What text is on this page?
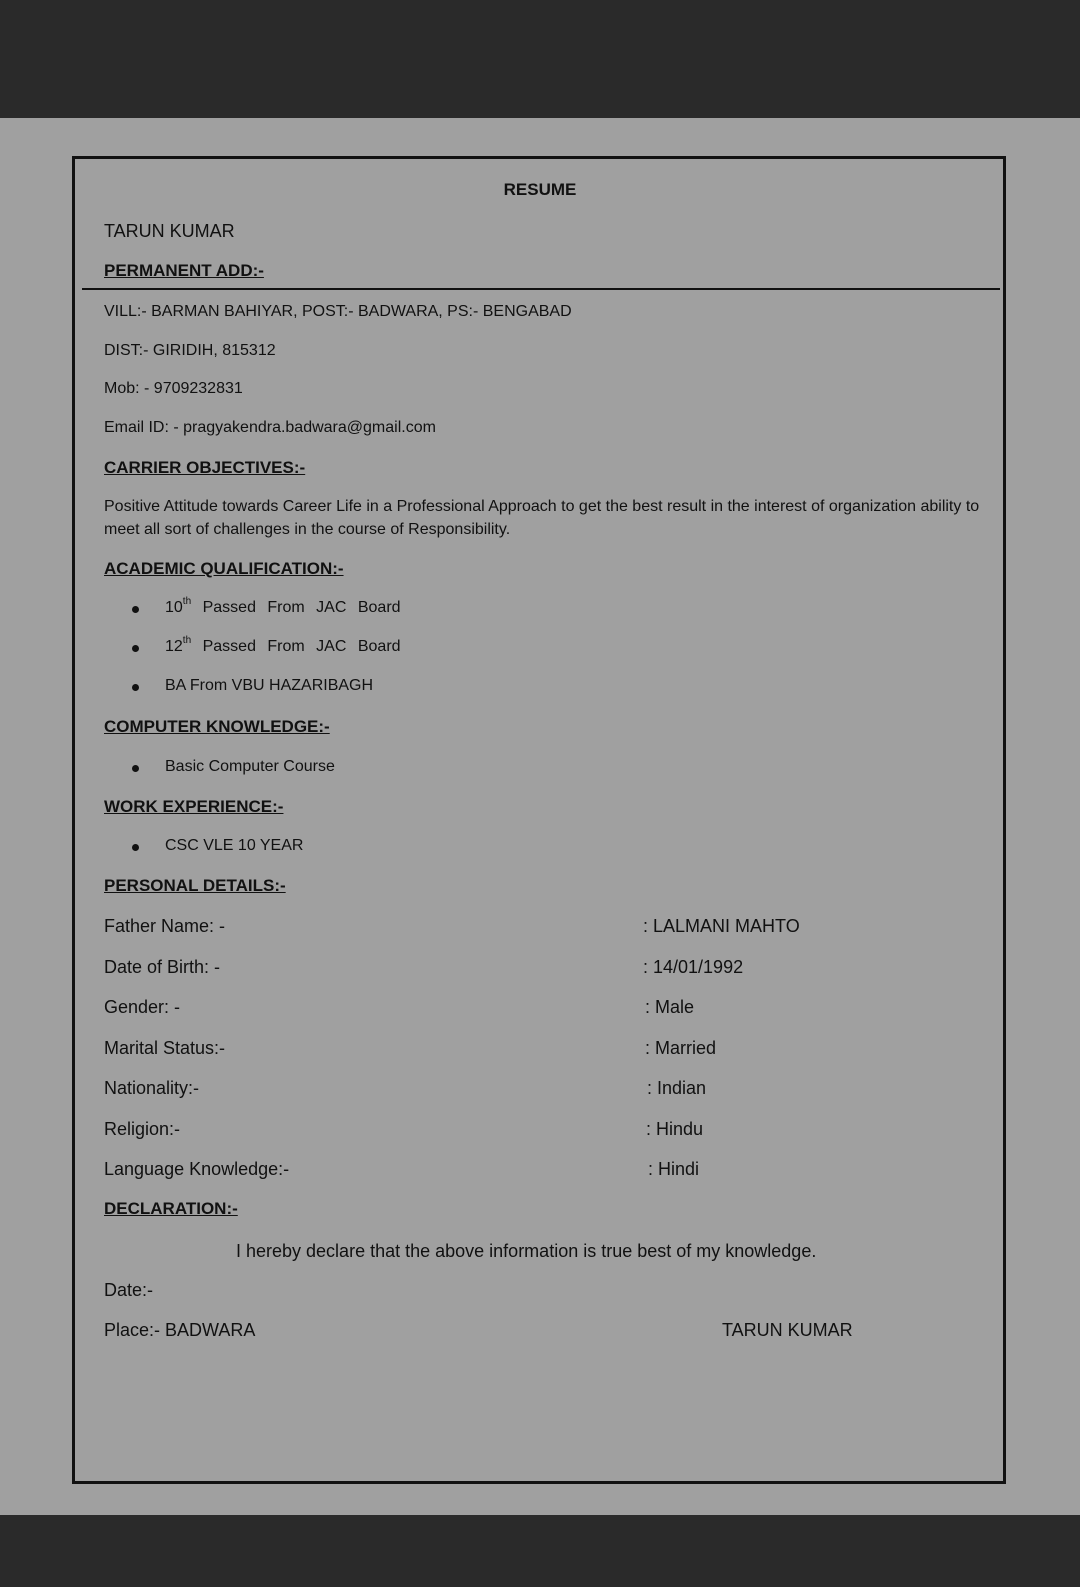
RESUME
TARUN KUMAR
PERMANENT ADD:-
VILL:- BARMAN BAHIYAR, POST:- BADWARA, PS:- BENGABAD
DIST:- GIRIDIH, 815312
Mob: - 9709232831
Email ID: - pragyakendra.badwara@gmail.com
CARRIER OBJECTIVES:-
Positive Attitude towards Career Life in a Professional Approach to get the best result in the interest of organization ability to meet all sort of challenges in the course of Responsibility.
ACADEMIC QUALIFICATION:-
10th Passed From JAC Board
12th Passed From JAC Board
BA From VBU HAZARIBAGH
COMPUTER KNOWLEDGE:-
Basic Computer Course
WORK EXPERIENCE:-
CSC VLE 10 YEAR
PERSONAL DETAILS:-
Father Name: -	: LALMANI MAHTO
Date of Birth: -	: 14/01/1992
Gender: -	: Male
Marital Status:-	: Married
Nationality:-	: Indian
Religion:-	: Hindu
Language Knowledge:-	: Hindi
DECLARATION:-
I hereby declare that the above information is true best of my knowledge.
Date:-
Place:- BADWARA	TARUN KUMAR
